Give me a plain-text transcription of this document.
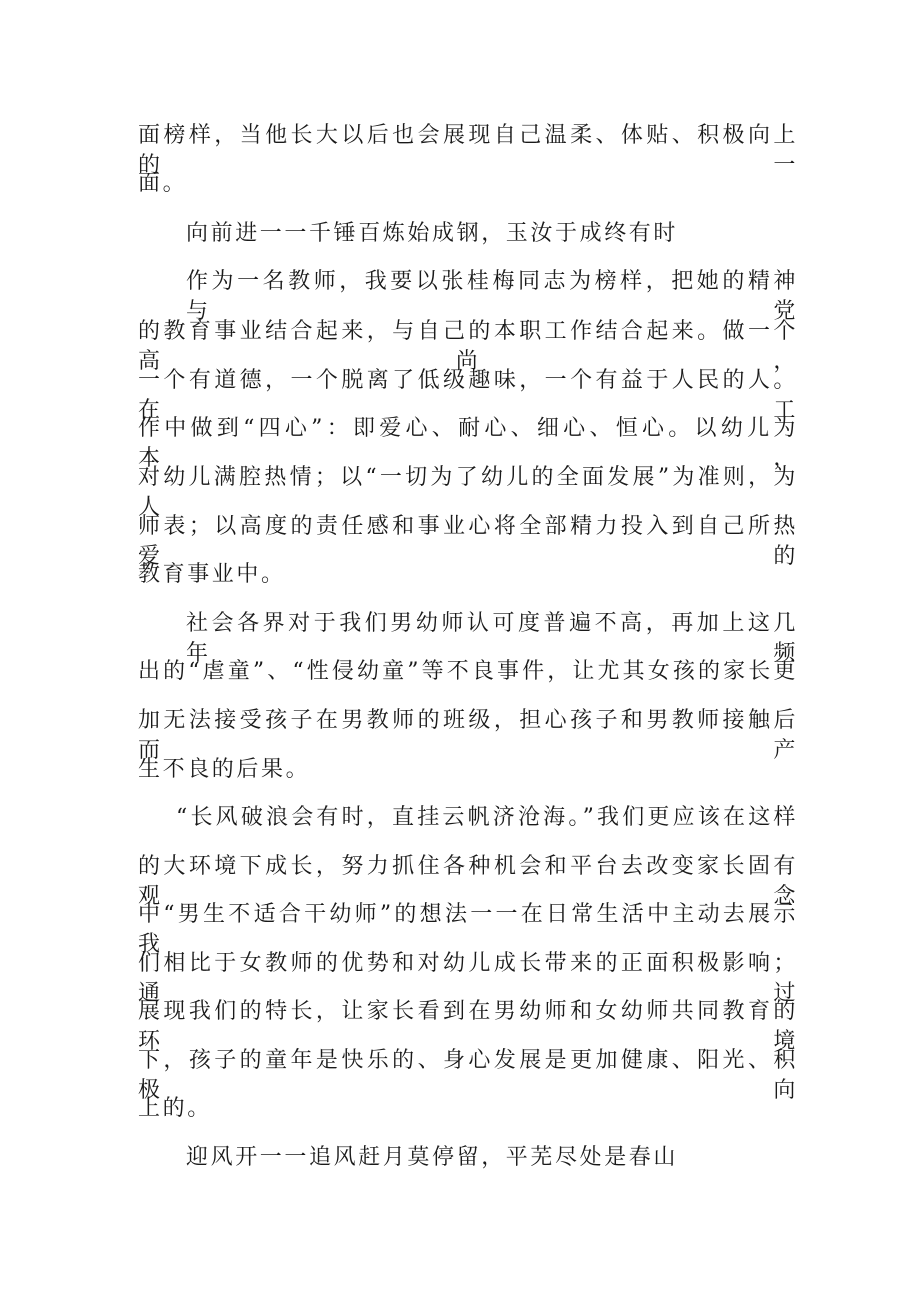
面榜样，当他长大以后也会展现自己温柔、体贴、积极向上的一

面。

向前进一一千锤百炼始成钢，玉汝于成终有时

作为一名教师，我要以张桂梅同志为榜样，把她的精神与党

的教育事业结合起来，与自己的本职工作结合起来。做一个高尚，

一个有道德，一个脱离了低级趣味，一个有益于人民的人。在工

作中做到“四心”：即爱心、耐心、细心、恒心。以幼儿为本，

对幼儿满腔热情；以“一切为了幼儿的全面发展”为准则，为人

师表；以高度的责任感和事业心将全部精力投入到自己所热爱的

教育事业中。

社会各界对于我们男幼师认可度普遍不高，再加上这几年频

出的“虐童”、“性侵幼童”等不良事件，让尤其女孩的家长更

加无法接受孩子在男教师的班级，担心孩子和男教师接触后而产

生不良的后果。

“长风破浪会有时，直挂云帆济沧海。”我们更应该在这样

的大环境下成长，努力抓住各种机会和平台去改变家长固有观念

中“男生不适合干幼师”的想法一一在日常生活中主动去展示我

们相比于女教师的优势和对幼儿成长带来的正面积极影响；通过

展现我们的特长，让家长看到在男幼师和女幼师共同教育的环境

下，孩子的童年是快乐的、身心发展是更加健康、阳光、积极向

上的。

迎风开一一追风赶月莫停留，平芜尽处是春山
